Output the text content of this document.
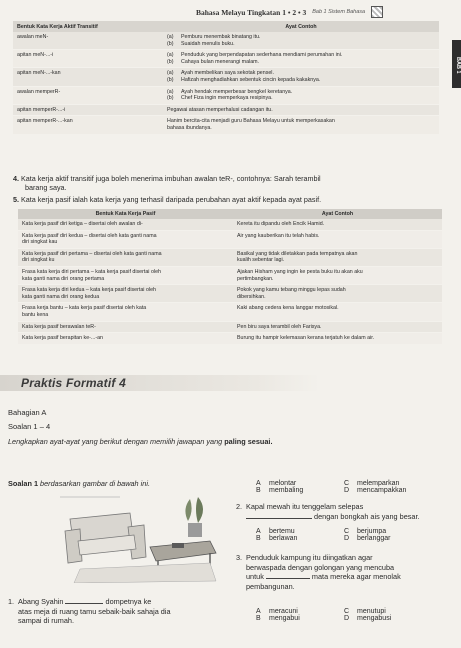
Bahasa Melayu Tingkatan 1 • 2 • 3 Bab 1 Sistem Bahasa
BAB 1
Bentuk Kata Kerja Aktif Transitif	Ayat Contoh
awalan meN-	(a) Pemburu menembak binatang itu.
(b) Suaidah menulis buku.

apitan meN-...-i	(a) Penduduk yang berpendapatan sederhana mendiami perumahan ini.
(b) Cahaya bulan menerangi malam.

apitan meN-...-kan	(a) Ayah membelikan saya sekotak pensel.
(b) Hafizah menghadiahkan sebentuk cincin kepada kakaknya.

awalan memperR-	(a) Ayah hendak memperbesar bengkel keretanya.
(b) Chef Fiza ingin memperkaya resipinya.

apitan memperR-...-i	Pegawai atasan memperhalusi cadangan itu.

apitan memperR-...-kan	Hanim bercita-cita menjadi guru Bahasa Melayu untuk memperkasakan
bahasa ibundanya.
4. Kata kerja aktif transitif juga boleh menerima imbuhan awalan teR-, contohnya: Sarah terambil
barang saya.
5. Kata kerja pasif ialah kata kerja yang terhasil daripada perubahan ayat aktif kepada ayat pasif.
Bentuk Kata Kerja Pasif	Ayat Contoh

Kata kerja pasif diri ketiga – disertai oleh awalan di-	Kereta itu dipandu oleh Encik Hamid.

Kata kerja pasif diri kedua – disertai oleh kata ganti nama
diri singkat kau	Air yang kauberikan itu telah habis.

Kata kerja pasif diri pertama – disertai oleh kata ganti nama
diri singkat ku	Basikal yang tidak diletakkan pada tempatnya akan
kualih sebentar lagi.

Frasa kata kerja diri pertama – kata kerja pasif disertai oleh
kata ganti nama diri orang pertama	Ajakan Hisham yang ingin ke pesta buku itu akan aku
pertimbangkan.

Frasa kata kerja diri kedua – kata kerja pasif disertai oleh
kata ganti nama diri orang kedua	Pokok yang kamu tebang minggu lepas sudah
dibersihkan.

Frasa kerja bantu – kata kerja pasif disertai oleh kata
bantu kena	Kaki abang cedera kena langgar motosikal.

Kata kerja pasif berawalan teR-	Pen biru saya terambil oleh Farisya.

Kata kerja pasif berapitan ke-...-an	Burung itu hampir kelemasan kerana terjatuh ke dalam air.
Praktis Formatif 4
Bahagian A
Soalan 1 – 4
Lengkapkan ayat-ayat yang berikut dengan memilih jawapan yang paling sesuai.
Soalan 1 berdasarkan gambar di bawah ini.
1. Abang Syahin	dompetnya ke
atas meja di ruang tamu sebaik-baik sahaja dia
sampai di rumah.
A	melontar	C melemparkan
B	membaling	D mencampakkan
2. Kapal mewah itu tenggelam selepas
dengan bongkah ais yang besar.
A	bertemu	C berjumpa
B	berlawan	D berlanggar
3. Penduduk kampung itu diingatkan agar
berwaspada dengan golongan yang mencuba
untuk	mata mereka agar menolak
pembangunan.
A	meracuni	C menutupi
B	mengabui	D mengabusi
